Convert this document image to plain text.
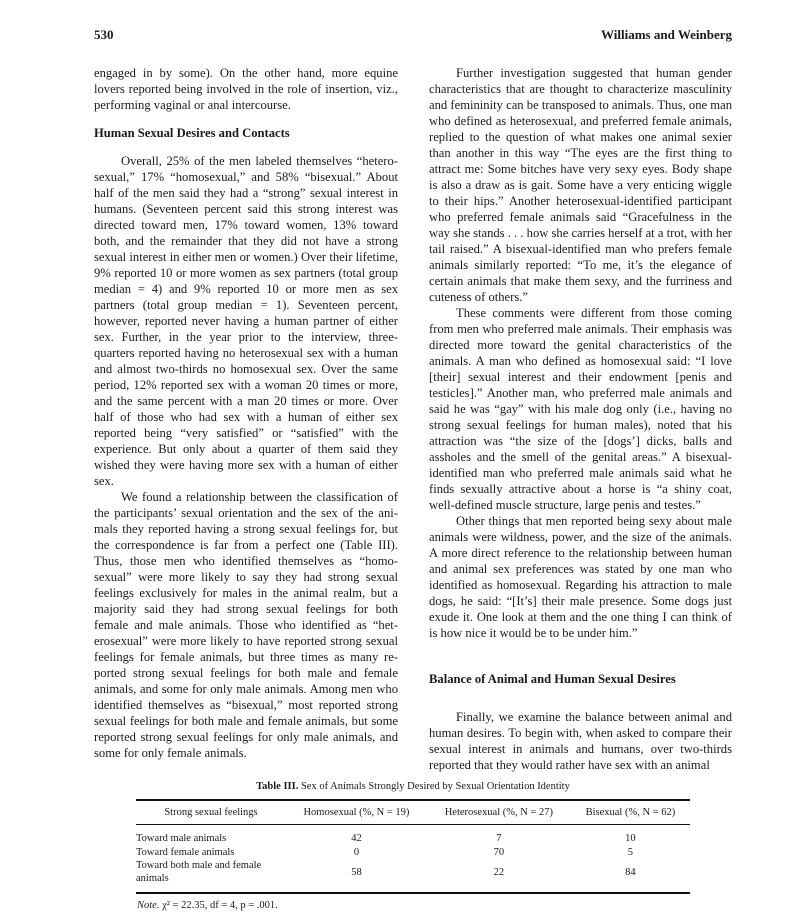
530	Williams and Weinberg

engaged in by some). On the other hand, more equine lovers reported being involved in the role of insertion, viz., performing vaginal or anal intercourse.

Human Sexual Desires and Contacts

Overall, 25% of the men labeled themselves “heterosexual,” 17% “homosexual,” and 58% “bisexual.” About half of the men said they had a “strong” sexual interest in humans. (Seventeen percent said this strong interest was directed toward men, 17% toward women, 13% toward both, and the remainder that they did not have a strong sexual interest in either men or women.) Over their lifetime, 9% reported 10 or more women as sex partners (total group median = 4) and 9% reported 10 or more men as sex partners (total group median = 1). Seventeen percent, however, reported never having a human partner of either sex. Further, in the year prior to the interview, three-quarters reported having no heterosexual sex with a human and almost two-thirds no homosexual sex. Over the same period, 12% reported sex with a woman 20 times or more, and the same percent with a man 20 times or more. Over half of those who had sex with a human of either sex reported being “very satisfied” or “satisfied” with the experience. But only about a quarter of them said they wished they were having more sex with a human of either sex.

We found a relationship between the classification of the participants’ sexual orientation and the sex of the animals they reported having a strong sexual feelings for, but the correspondence is far from a perfect one (Table III). Thus, those men who identified themselves as “homosexual” were more likely to say they had strong sexual feelings exclusively for males in the animal realm, but a majority said they had strong sexual feelings for both female and male animals. Those who identified as “heterosexual” were more likely to have reported strong sexual feelings for female animals, but three times as many reported strong sexual feelings for both male and female animals, and some for only male animals. Among men who identified themselves as “bisexual,” most reported strong sexual feelings for both male and female animals, but some reported strong sexual feelings for only male animals, and some for only female animals.

Further investigation suggested that human gender characteristics that are thought to characterize masculinity and femininity can be transposed to animals. Thus, one man who defined as heterosexual, and preferred female animals, replied to the question of what makes one animal sexier than another in this way “The eyes are the first thing to attract me: Some bitches have very sexy eyes. Body shape is also a draw as is gait. Some have a very enticing wiggle to their hips.” Another heterosexual-identified participant who preferred female animals said “Gracefulness in the way she stands . . . how she carries herself at a trot, with her tail raised.” A bisexual-identified man who prefers female animals similarly reported: “To me, it’s the elegance of certain animals that make them sexy, and the furriness and cuteness of others.”

These comments were different from those coming from men who preferred male animals. Their emphasis was directed more toward the genital characteristics of the animals. A man who defined as homosexual said: “I love [their] sexual interest and their endowment [penis and testicles].” Another man, who preferred male animals and said he was “gay” with his male dog only (i.e., having no strong sexual feelings for human males), noted that his attraction was “the size of the [dogs’] dicks, balls and assholes and the smell of the genital areas.” A bisexual-identified man who preferred male animals said what he finds sexually attractive about a horse is “a shiny coat, well-defined muscle structure, large penis and testes.”

Other things that men reported being sexy about male animals were wildness, power, and the size of the animals. A more direct reference to the relationship between human and animal sex preferences was stated by one man who identified as homosexual. Regarding his attraction to male dogs, he said: “[It’s] their male presence. Some dogs just exude it. One look at them and the one thing I can think of is how nice it would be to be under him.”

Balance of Animal and Human Sexual Desires

Finally, we examine the balance between animal and human desires. To begin with, when asked to compare their sexual interest in animals and humans, over two-thirds reported that they would rather have sex with an animal

Table III. Sex of Animals Strongly Desired by Sexual Orientation Identity
Strong sexual feelings	Homosexual (%, N = 19)	Heterosexual (%, N = 27)	Bisexual (%, N = 62)

Toward male animals	42	7	10
Toward female animals	0	70	5
Toward both male and female animals	58	22	84

Note. χ² = 22.35, df = 4, p = .001.			
